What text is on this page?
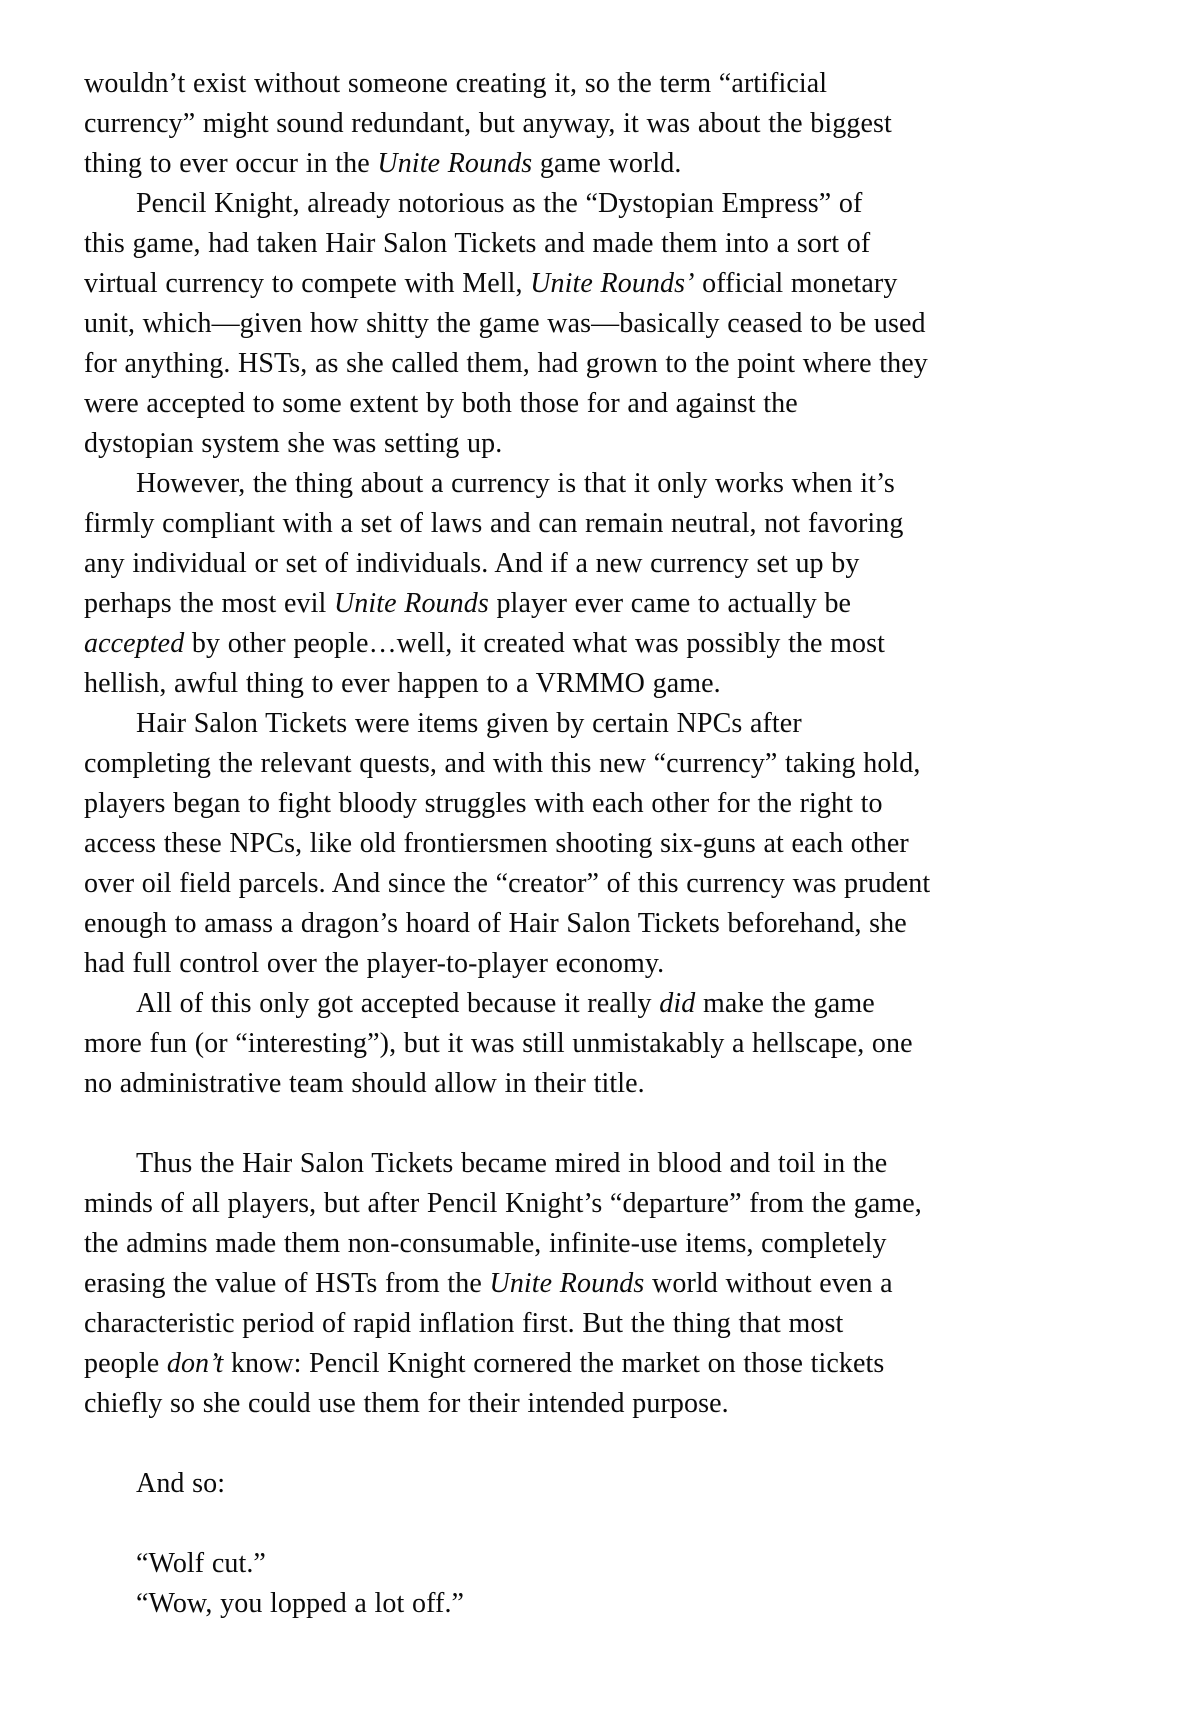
wouldn’t exist without someone creating it, so the term “artificial
currency” might sound redundant, but anyway, it was about the biggest
thing to ever occur in the Unite Rounds game world.

Pencil Knight, already notorious as the “Dystopian Empress” of
this game, had taken Hair Salon Tickets and made them into a sort of
virtual currency to compete with Mell, Unite Rounds’ official monetary
unit, which—given how shitty the game was—basically ceased to be used
for anything. HSTs, as she called them, had grown to the point where they
were accepted to some extent by both those for and against the
dystopian system she was setting up.

However, the thing about a currency is that it only works when it’s
firmly compliant with a set of laws and can remain neutral, not favoring
any individual or set of individuals. And if a new currency set up by
perhaps the most evil Unite Rounds player ever came to actually be
accepted by other people…well, it created what was possibly the most
hellish, awful thing to ever happen to a VRMMO game.

Hair Salon Tickets were items given by certain NPCs after
completing the relevant quests, and with this new “currency” taking hold,
players began to fight bloody struggles with each other for the right to
access these NPCs, like old frontiersmen shooting six-guns at each other
over oil field parcels. And since the “creator” of this currency was prudent
enough to amass a dragon’s hoard of Hair Salon Tickets beforehand, she
had full control over the player-to-player economy.

All of this only got accepted because it really did make the game
more fun (or “interesting”), but it was still unmistakably a hellscape, one
no administrative team should allow in their title.

Thus the Hair Salon Tickets became mired in blood and toil in the
minds of all players, but after Pencil Knight’s “departure” from the game,
the admins made them non-consumable, infinite-use items, completely
erasing the value of HSTs from the Unite Rounds world without even a
characteristic period of rapid inflation first. But the thing that most
people don’t know: Pencil Knight cornered the market on those tickets
chiefly so she could use them for their intended purpose.

And so:

“Wolf cut.”

“Wow, you lopped a lot off.”
